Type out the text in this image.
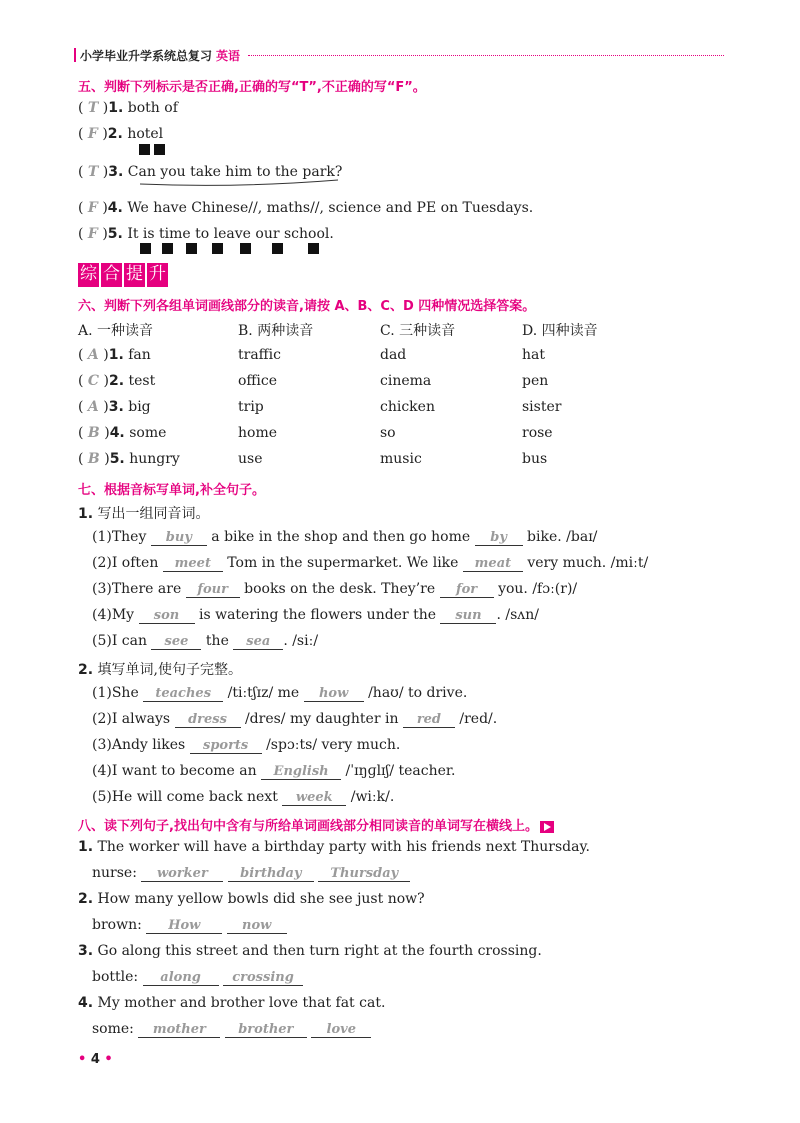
小学毕业升学系统总复习 英语
五、判断下列标示是否正确,正确的写“T”,不正确的写“F”。
( T )1. both of
( F )2. hotel
( T )3. Can you take him to the park?
( F )4. We have Chinese//, maths//, science and PE on Tuesdays.
( F )5. It is time to leave our school.
综 合 提 升
六、判断下列各组单词画线部分的读音,请按 A、B、C、D 四种情况选择答案。
A. 一种读音	B. 两种读音	C. 三种读音	D. 四种读音
( A )1. fan	traffic	dad	hat
( C )2. test	office	cinema	pen
( A )3. big	trip	chicken	sister
( B )4. some	home	so	rose
( B )5. hungry	use	music	bus
七、根据音标写单词,补全句子。
1. 写出一组同音词。
(1)They buy a bike in the shop and then go home by bike. /baɪ/
(2)I often meet Tom in the supermarket. We like meat very much. /miːt/
(3)There are four books on the desk. They’re for you. /fɔː(r)/
(4)My son is watering the flowers under the sun . /sʌn/
(5)I can see the sea . /siː/
2. 填写单词,使句子完整。
(1)She teaches /tiːtʃɪz/ me how /haʊ/ to drive.
(2)I always dress /dres/ my daughter in red /red/.
(3)Andy likes sports /spɔːts/ very much.
(4)I want to become an English /ˈɪŋɡlɪʃ/ teacher.
(5)He will come back next week /wiːk/.
八、读下列句子,找出句中含有与所给单词画线部分相同读音的单词写在横线上。
1. The worker will have a birthday party with his friends next Thursday.
nurse: worker birthday Thursday
2. How many yellow bowls did she see just now?
brown: How	now
3. Go along this street and then turn right at the fourth crossing.
bottle: along crossing
4. My mother and brother love that fat cat.
some: mother brother	love
• 4 •
